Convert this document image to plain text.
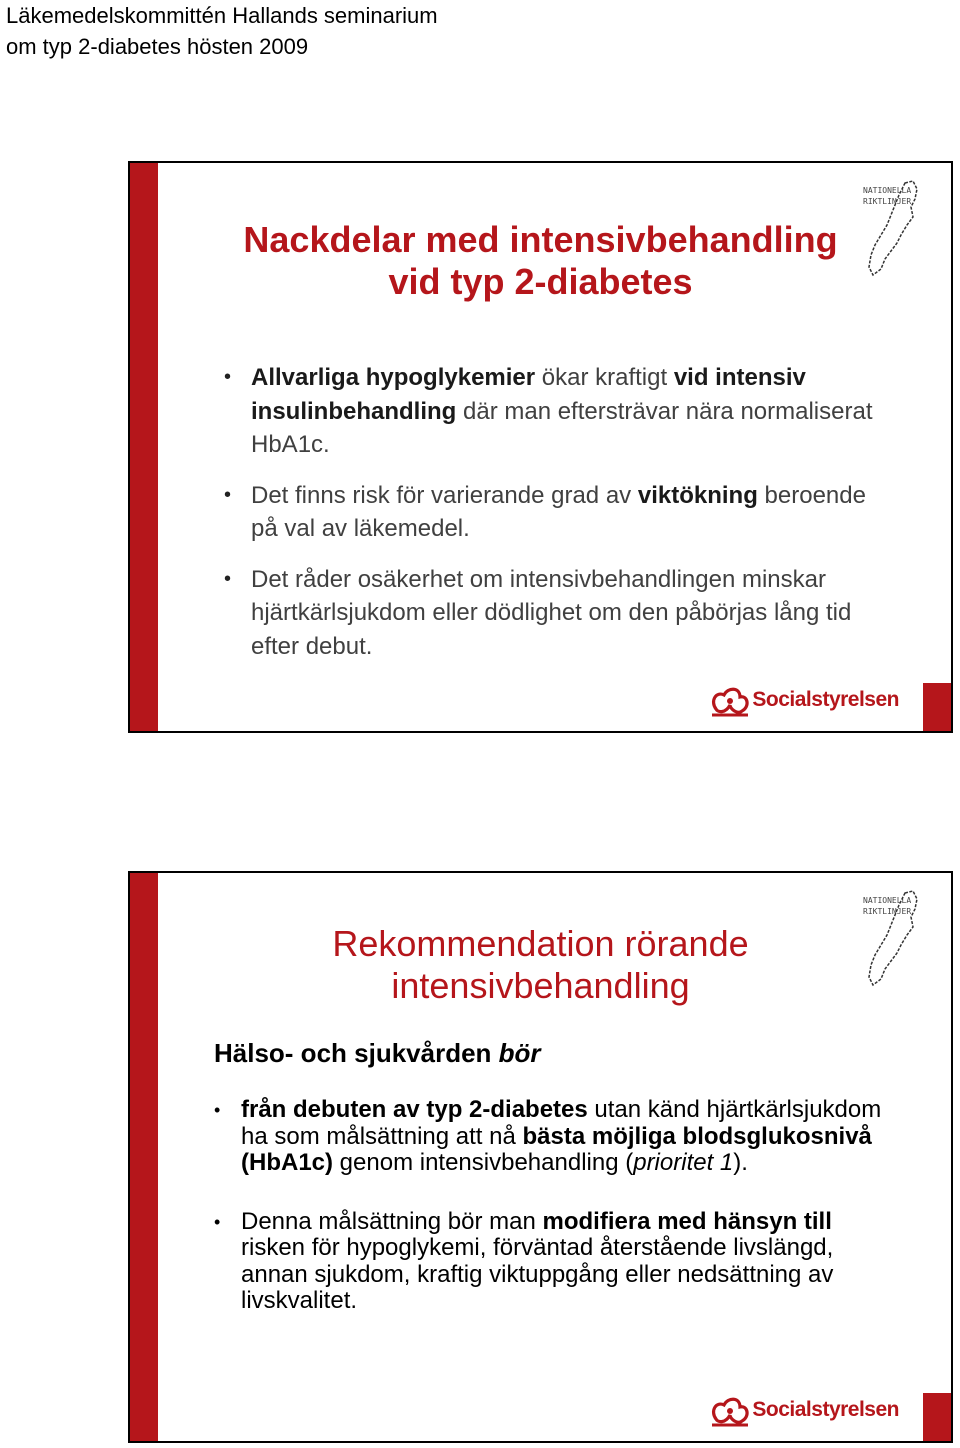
Läkemedelskommittén Hallands seminarium
om typ 2-diabetes hösten 2009
NATIONELLA
RIKTLINJER
Nackdelar med intensivbehandling
vid typ 2-diabetes
• Allvarliga hypoglykemier ökar kraftigt vid intensiv insulinbehandling där man eftersträvar nära normaliserat HbA1c.
• Det finns risk för varierande grad av viktökning beroende på val av läkemedel.
• Det råder osäkerhet om intensivbehandlingen minskar hjärtkärlsjukdom eller dödlighet om den påbörjas lång tid efter debut.
Socialstyrelsen
NATIONELLA
RIKTLINJER
Rekommendation rörande
intensivbehandling
Hälso- och sjukvården bör
• från debuten av typ 2-diabetes utan känd hjärtkärlsjukdom ha som målsättning att nå bästa möjliga blodsglukosnivå (HbA1c) genom intensivbehandling (prioritet 1).
• Denna målsättning bör man modifiera med hänsyn till risken för hypoglykemi, förväntad återstående livslängd, annan sjukdom, kraftig viktuppgång eller nedsättning av livskvalitet.
Socialstyrelsen
